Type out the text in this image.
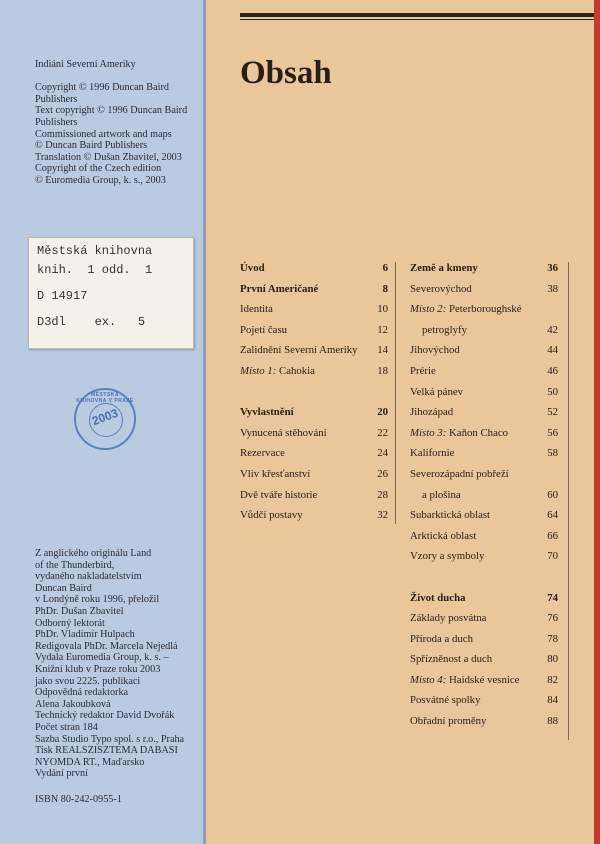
Indiáni Severní Ameriky
Copyright © 1996 Duncan Baird
Publishers
Text copyright © 1996 Duncan Baird
Publishers
Commissioned artwork and maps
© Duncan Baird Publishers
Translation © Dušan Zbavitel, 2003
Copyright of the Czech edition
© Euromedia Group, k. s., 2003
Městská knihovna
knih.  1 odd.  1
D 14917
D3dl    ex.   5
MĚSTSKÁ KNIHOVNA V PRAZE
2003
Z anglického originálu Land
of the Thunderbird,
vydaného nakladatelstvím
Duncan Baird
v Londýně roku 1996, přeložil
PhDr. Dušan Zbavitel
Odborný lektorát
PhDr. Vladimír Hulpach
Redigovala PhDr. Marcela Nejedlá
Vydala Euromedia Group, k. s. –
Knižní klub v Praze roku 2003
jako svou 2225. publikaci
Odpovědná redaktorka
Alena Jakoubková
Technický redaktor David Dvořák
Počet stran 184
Sazba Studio Typo spol. s r.o., Praha
Tisk REALSZISZTEMA DABASI
NYOMDA RT., Maďarsko
Vydání první
ISBN 80-242-0955-1
Obsah
Úvod	6
První Američané	8
Identita	10
Pojetí času	12
Zalidnění Severní Ameriky 14
Místo 1: Cahokia	18
Vyvlastnění	20
Vynucená stěhování	22
Rezervace	24
Vliv křesťanství	26
Dvě tváře historie	28
Vůdčí postavy	32
Země a kmeny	36
Severovýchod	38
Místo 2: Peterboroughské
petroglyfy	42
Jihovýchod	44
Prérie	46
Velká pánev	50
Jihozápad	52
Místo 3: Kaňon Chaco	56
Kalifornie	58
Severozápadní pobřeží
a plošina	60
Subarktická oblast	64
Arktická oblast	66
Vzory a symboly	70
Život ducha	74
Základy posvátna	76
Příroda a duch	78
Spřízněnost a duch	80
Místo 4: Haidské vesnice	82
Posvátné spolky	84
Obřadní proměny	88
